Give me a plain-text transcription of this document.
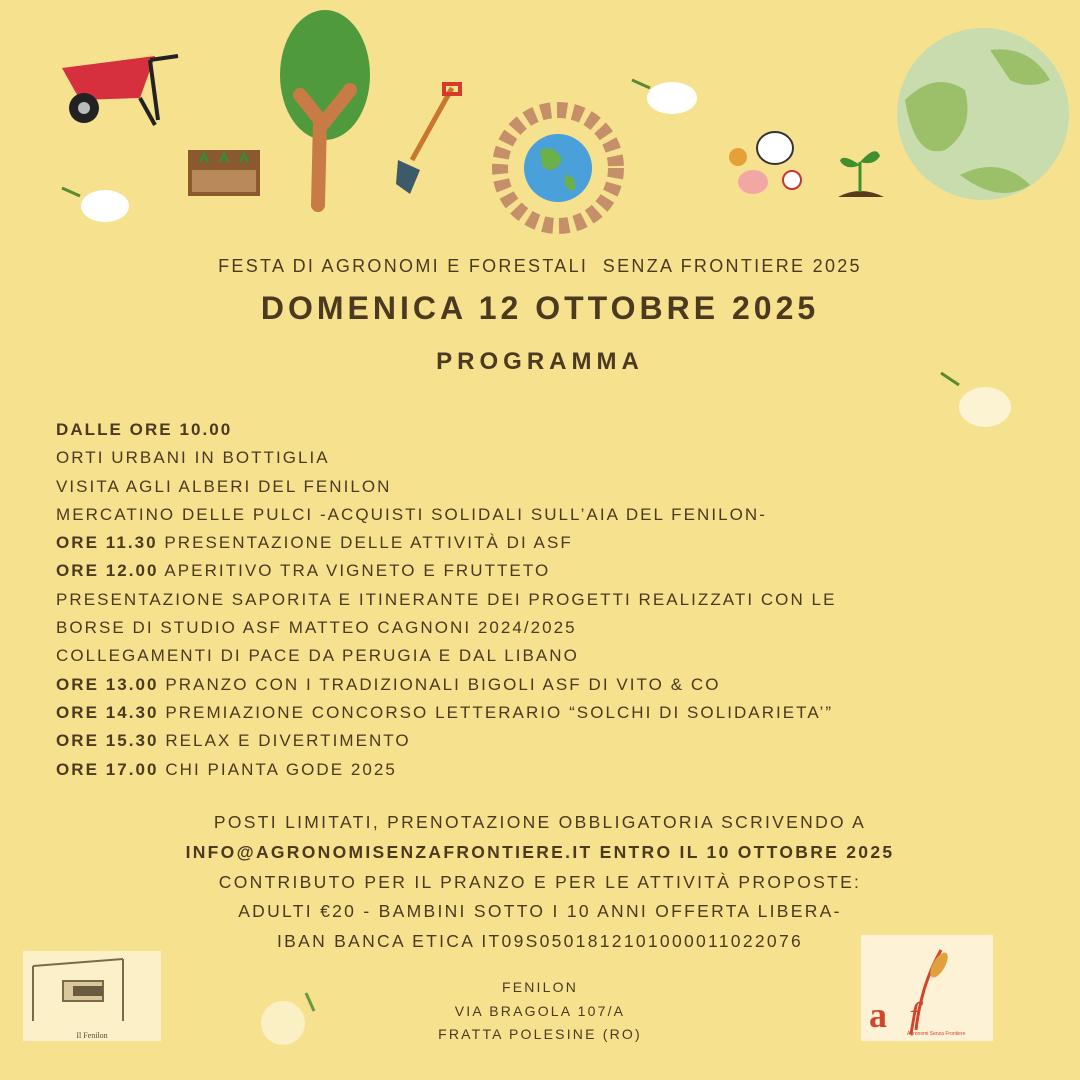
FESTA DI AGRONOMI E FORESTALI  SENZA FRONTIERE 2025
DOMENICA 12 OTTOBRE 2025
PROGRAMMA
DALLE ORE 10.00
ORTI URBANI IN BOTTIGLIA
VISITA AGLI ALBERI DEL FENILON
MERCATINO DELLE PULCI -ACQUISTI SOLIDALI SULL’AIA DEL FENILON-
ORE 11.30 PRESENTAZIONE DELLE ATTIVITÀ DI ASF
ORE 12.00 APERITIVO TRA VIGNETO E FRUTTETO
PRESENTAZIONE SAPORITA E ITINERANTE DEI PROGETTI REALIZZATI CON LE
BORSE DI STUDIO ASF MATTEO CAGNONI 2024/2025
COLLEGAMENTI DI PACE DA PERUGIA E DAL LIBANO
ORE 13.00 PRANZO CON I TRADIZIONALI BIGOLI ASF DI VITO & CO
ORE 14.30 PREMIAZIONE CONCORSO LETTERARIO “SOLCHI DI SOLIDARIETA’”
ORE 15.30 RELAX E DIVERTIMENTO
ORE 17.00 CHI PIANTA GODE 2025
POSTI LIMITATI, PRENOTAZIONE OBBLIGATORIA SCRIVENDO A
INFO@AGRONOMISENZAFRONTIERE.IT ENTRO IL 10 OTTOBRE 2025
CONTRIBUTO PER IL PRANZO E PER LE ATTIVITÀ PROPOSTE:
ADULTI €20 - BAMBINI SOTTO I 10 ANNI OFFERTA LIBERA-
IBAN BANCA ETICA IT09S0501812101000011022076
FENILON
VIA BRAGOLA 107/A
FRATTA POLESINE (RO)
Il Fenilon
a f
Agronomi Senza Frontiere
